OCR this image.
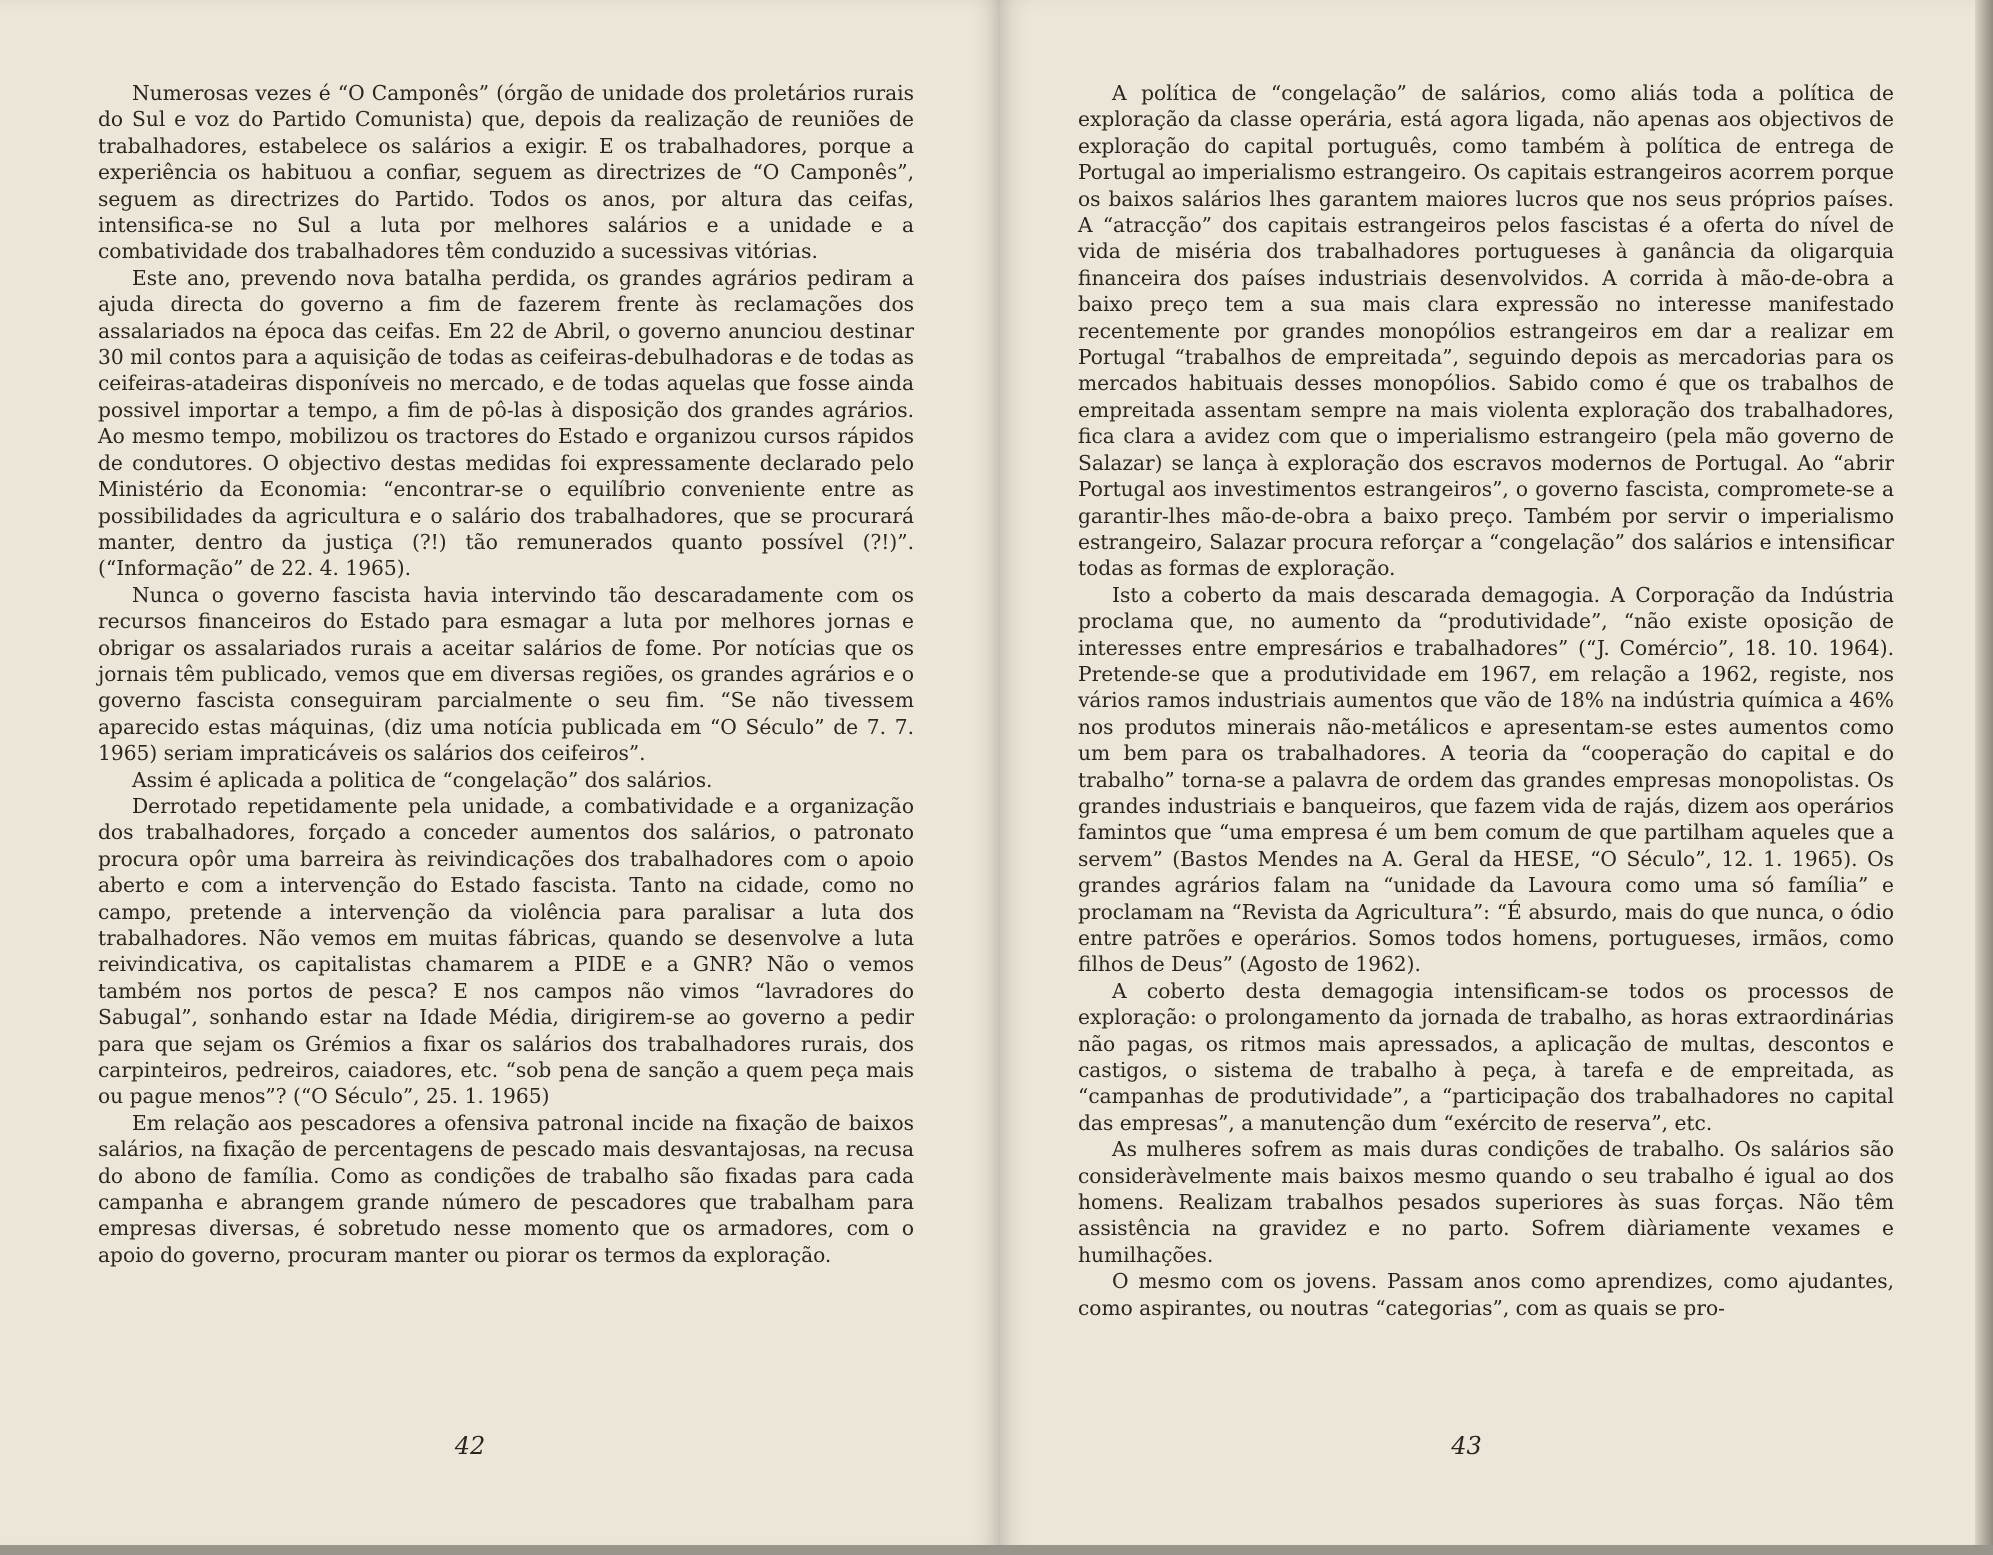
Numerosas vezes é “O Camponês” (órgão de unidade dos proletários rurais do Sul e voz do Partido Comunista) que, depois da realização de reuniões de trabalhadores, estabelece os salários a exigir. E os trabalhadores, porque a experiência os habituou a confiar, seguem as directrizes de “O Camponês”, seguem as directrizes do Partido. Todos os anos, por altura das ceifas, intensifica-se no Sul a luta por melhores salários e a unidade e a combatividade dos trabalhadores têm conduzido a sucessivas vitórias.

Este ano, prevendo nova batalha perdida, os grandes agrários pediram a ajuda directa do governo a fim de fazerem frente às reclamações dos assalariados na época das ceifas. Em 22 de Abril, o governo anunciou destinar 30 mil contos para a aquisição de todas as ceifeiras-debulhadoras e de todas as ceifeiras-atadeiras disponíveis no mercado, e de todas aquelas que fosse ainda possivel importar a tempo, a fim de pô-las à disposição dos grandes agrários. Ao mesmo tempo, mobilizou os tractores do Estado e organizou cursos rápidos de condutores. O objectivo destas medidas foi expressamente declarado pelo Ministério da Economia: “encontrar-se o equilíbrio conveniente entre as possibilidades da agricultura e o salário dos trabalhadores, que se procurará manter, dentro da justiça (?!) tão remunerados quanto possível (?!)”. (“Informação” de 22. 4. 1965).

Nunca o governo fascista havia intervindo tão descaradamente com os recursos financeiros do Estado para esmagar a luta por melhores jornas e obrigar os assalariados rurais a aceitar salários de fome. Por notícias que os jornais têm publicado, vemos que em diversas regiões, os grandes agrários e o governo fascista conseguiram parcialmente o seu fim. “Se não tivessem aparecido estas máquinas, (diz uma notícia publicada em “O Século” de 7. 7. 1965) seriam impraticáveis os salários dos ceifeiros”.

Assim é aplicada a politica de “congelação” dos salários.

Derrotado repetidamente pela unidade, a combatividade e a organização dos trabalhadores, forçado a conceder aumentos dos salários, o patronato procura opôr uma barreira às reivindicações dos trabalhadores com o apoio aberto e com a intervenção do Estado fascista. Tanto na cidade, como no campo, pretende a intervenção da violência para paralisar a luta dos trabalhadores. Não vemos em muitas fábricas, quando se desenvolve a luta reivindicativa, os capitalistas chamarem a PIDE e a GNR? Não o vemos também nos portos de pesca? E nos campos não vimos “lavradores do Sabugal”, sonhando estar na Idade Média, dirigirem-se ao governo a pedir para que sejam os Grémios a fixar os salários dos trabalhadores rurais, dos carpinteiros, pedreiros, caiadores, etc. “sob pena de sanção a quem peça mais ou pague menos”? (“O Século”, 25. 1. 1965)

Em relação aos pescadores a ofensiva patronal incide na fixação de baixos salários, na fixação de percentagens de pescado mais desvantajosas, na recusa do abono de família. Como as condições de trabalho são fixadas para cada campanha e abrangem grande número de pescadores que trabalham para empresas diversas, é sobretudo nesse momento que os armadores, com o apoio do governo, procuram manter ou piorar os termos da exploração.

42

A política de “congelação” de salários, como aliás toda a política de exploração da classe operária, está agora ligada, não apenas aos objectivos de exploração do capital português, como também à política de entrega de Portugal ao imperialismo estrangeiro. Os capitais estrangeiros acorrem porque os baixos salários lhes garantem maiores lucros que nos seus próprios países. A “atracção” dos capitais estrangeiros pelos fascistas é a oferta do nível de vida de miséria dos trabalhadores portugueses à ganância da oligarquia financeira dos países industriais desenvolvidos. A corrida à mão-de-obra a baixo preço tem a sua mais clara expressão no interesse manifestado recentemente por grandes monopólios estrangeiros em dar a realizar em Portugal “trabalhos de empreitada”, seguindo depois as mercadorias para os mercados habituais desses monopólios. Sabido como é que os trabalhos de empreitada assentam sempre na mais violenta exploração dos trabalhadores, fica clara a avidez com que o imperialismo estrangeiro (pela mão governo de Salazar) se lança à exploração dos escravos modernos de Portugal. Ao “abrir Portugal aos investimentos estrangeiros”, o governo fascista, compromete-se a garantir-lhes mão-de-obra a baixo preço. Também por servir o imperialismo estrangeiro, Salazar procura reforçar a “congelação” dos salários e intensificar todas as formas de exploração.

Isto a coberto da mais descarada demagogia. A Corporação da Indústria proclama que, no aumento da “produtividade”, “não existe oposição de interesses entre empresários e trabalhadores” (“J. Comércio”, 18. 10. 1964). Pretende-se que a produtividade em 1967, em relação a 1962, registe, nos vários ramos industriais aumentos que vão de 18% na indústria química a 46% nos produtos minerais não-metálicos e apresentam-se estes aumentos como um bem para os trabalhadores. A teoria da “cooperação do capital e do trabalho” torna-se a palavra de ordem das grandes empresas monopolistas. Os grandes industriais e banqueiros, que fazem vida de rajás, dizem aos operários famintos que “uma empresa é um bem comum de que partilham aqueles que a servem” (Bastos Mendes na A. Geral da HESE, “O Século”, 12. 1. 1965). Os grandes agrários falam na “unidade da Lavoura como uma só família” e proclamam na “Revista da Agricultura”: “É absurdo, mais do que nunca, o ódio entre patrões e operários. Somos todos homens, portugueses, irmãos, como filhos de Deus” (Agosto de 1962).

A coberto desta demagogia intensificam-se todos os processos de exploração: o prolongamento da jornada de trabalho, as horas extraordinárias não pagas, os ritmos mais apressados, a aplicação de multas, descontos e castigos, o sistema de trabalho à peça, à tarefa e de empreitada, as “campanhas de produtividade”, a “participação dos trabalhadores no capital das empresas”, a manutenção dum “exército de reserva”, etc.

As mulheres sofrem as mais duras condições de trabalho. Os salários são consideràvelmente mais baixos mesmo quando o seu trabalho é igual ao dos homens. Realizam trabalhos pesados superiores às suas forças. Não têm assistência na gravidez e no parto. Sofrem diàriamente vexames e humilhações.

O mesmo com os jovens. Passam anos como aprendizes, como ajudantes, como aspirantes, ou noutras “categorias”, com as quais se pro-

43
